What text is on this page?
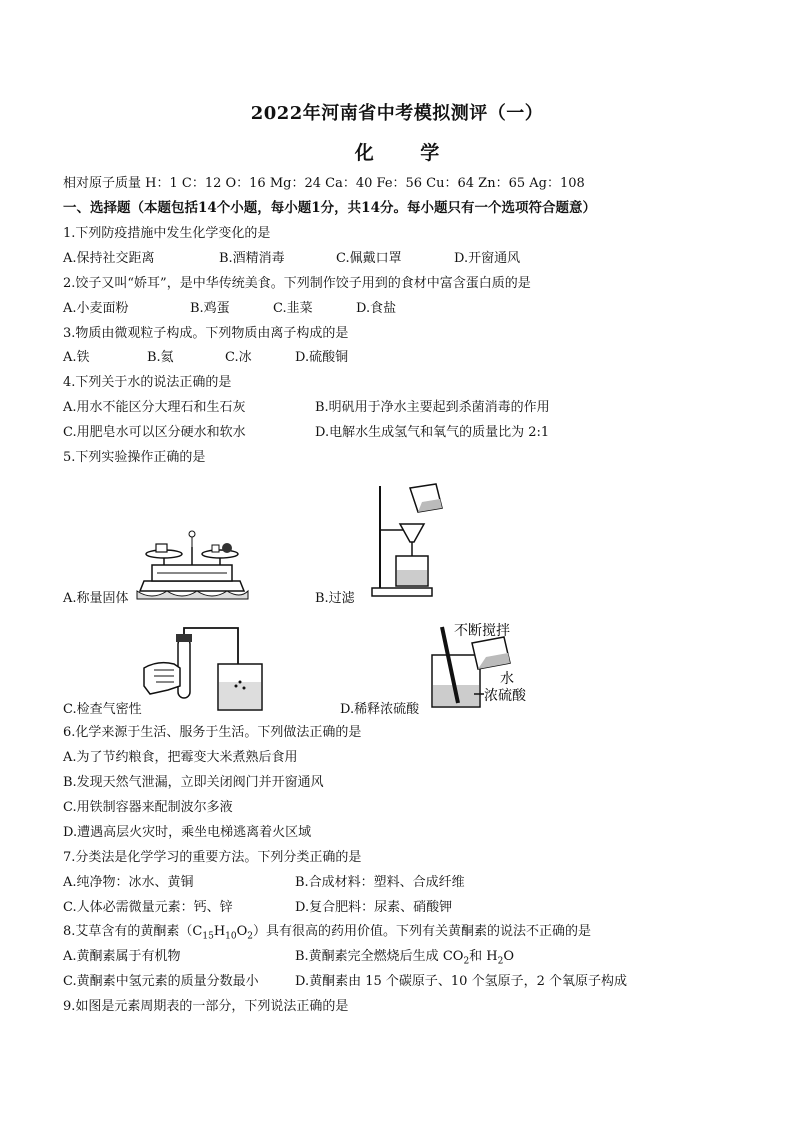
2022年河南省中考模拟测评（一）
化 学
相对原子质量 H：1 C：12 O：16 Mg：24 Ca：40 Fe：56 Cu：64 Zn：65 Ag：108
一、选择题（本题包括14个小题，每小题1分，共14分。每小题只有一个选项符合题意）
1.下列防疫措施中发生化学变化的是
A.保持社交距离	B.酒精消毒	C.佩戴口罩	D.开窗通风
2.饺子又叫“娇耳”，是中华传统美食。下列制作饺子用到的食材中富含蛋白质的是
A.小麦面粉	B.鸡蛋	C.韭菜	D.食盐
3.物质由微观粒子构成。下列物质由离子构成的是
A.铁	B.氦	C.冰	D.硫酸铜
4.下列关于水的说法正确的是
A.用水不能区分大理石和生石灰	B.明矾用于净水主要起到杀菌消毒的作用
C.用肥皂水可以区分硬水和软水	D.电解水生成氢气和氧气的质量比为 2:1
5.下列实验操作正确的是
A.称量固体	B.过滤
C.检查气密性
不断搅拌
水
浓硫酸
D.稀释浓硫酸
6.化学来源于生活、服务于生活。下列做法正确的是
A.为了节约粮食，把霉变大米煮熟后食用
B.发现天然气泄漏，立即关闭阀门并开窗通风
C.用铁制容器来配制波尔多液
D.遭遇高层火灾时，乘坐电梯逃离着火区域
7.分类法是化学学习的重要方法。下列分类正确的是
A.纯净物：冰水、黄铜	B.合成材料：塑料、合成纤维
C.人体必需微量元素：钙、锌	D.复合肥料：尿素、硝酸钾
8.艾草含有的黄酮素$(C_{15}H_{10}O_2)$具有很高的药用价值。下列有关黄酮素的说法不正确的是
A.黄酮素属于有机物	B.黄酮素完全燃烧后生成 $CO_2$和 $H_2O$
C.黄酮素中氢元素的质量分数最小	D.黄酮素由 15 个碳原子、10 个氢原子，2 个氧原子构成
9.如图是元素周期表的一部分，下列说法正确的是
